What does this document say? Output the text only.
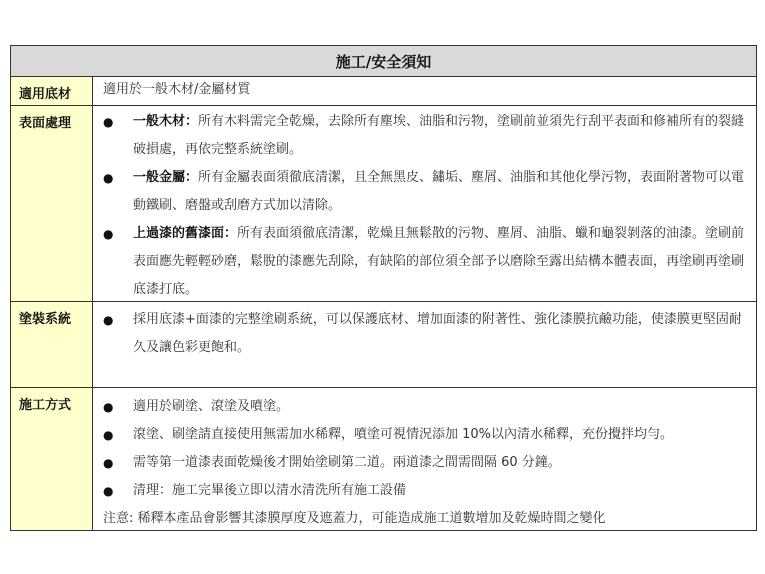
施工/安全須知
適用底材	適用於一般木材/金屬材質
表面處理	●	一般木材：所有木料需完全乾燥，去除所有塵埃、油脂和污物，塗刷前並須先行刮平表面和修補所有的裂縫破損處，再依完整系統塗刷。
●	一般金屬：所有金屬表面須徹底清潔，且全無黑皮、鏽垢、塵屑、油脂和其他化學污物，表面附著物可以電動鐵刷、磨盤或刮磨方式加以清除。
●	上過漆的舊漆面：所有表面須徹底清潔，乾燥且無鬆散的污物、塵屑、油脂、蠟和龜裂剝落的油漆。塗刷前表面應先輕輕砂磨，鬆脫的漆應先刮除，有缺陷的部位須全部予以磨除至露出結構本體表面，再塗刷再塗刷底漆打底。
塗裝系統	●	採用底漆+面漆的完整塗刷系統，可以保護底材、增加面漆的附著性、強化漆膜抗鹼功能，使漆膜更堅固耐久及讓色彩更飽和。
施工方式	●	適用於刷塗、滾塗及噴塗。
●	滾塗、刷塗請直接使用無需加水稀釋，噴塗可視情況添加 10%以內清水稀釋，充份攪拌均勻。
●	需等第一道漆表面乾燥後才開始塗刷第二道。兩道漆之間需間隔 60 分鐘。
●	清理：施工完畢後立即以清水清洗所有施工設備
注意: 稀釋本產品會影響其漆膜厚度及遮蓋力，可能造成施工道數增加及乾燥時間之變化
